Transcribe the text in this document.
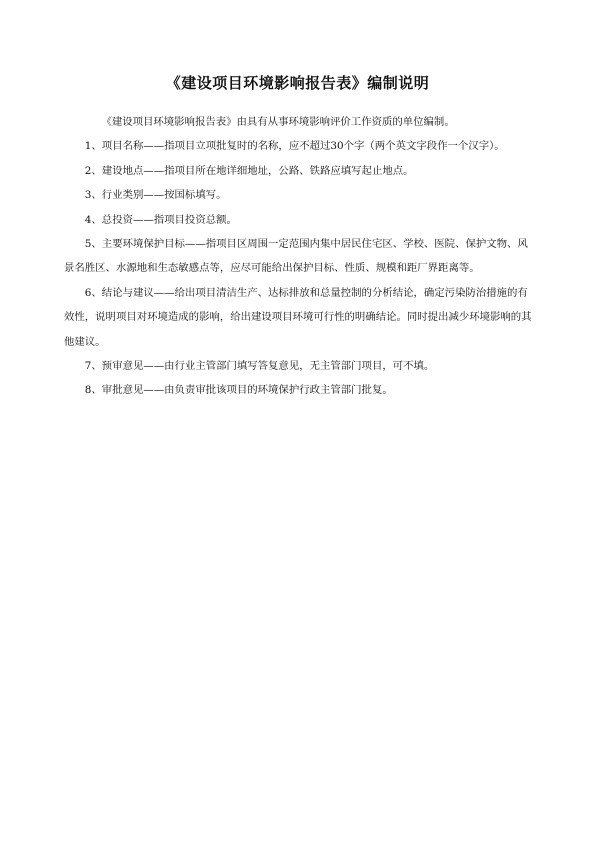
《建设项目环境影响报告表》编制说明

《建设项目环境影响报告表》由具有从事环境影响评价工作资质的单位编制。

1、项目名称——指项目立项批复时的名称，应不超过30个字（两个英文字段作一个汉字）。

2、建设地点——指项目所在地详细地址，公路、铁路应填写起止地点。

3、行业类别——按国标填写。

4、总投资——指项目投资总额。

5、主要环境保护目标——指项目区周围一定范围内集中居民住宅区、学校、医院、保护文物、风景名胜区、水源地和生态敏感点等，应尽可能给出保护目标、性质、规模和距厂界距离等。

6、结论与建议——给出项目清洁生产、达标排放和总量控制的分析结论，确定污染防治措施的有效性，说明项目对环境造成的影响，给出建设项目环境可行性的明确结论。同时提出减少环境影响的其他建议。

7、预审意见——由行业主管部门填写答复意见，无主管部门项目，可不填。

8、审批意见——由负责审批该项目的环境保护行政主管部门批复。
